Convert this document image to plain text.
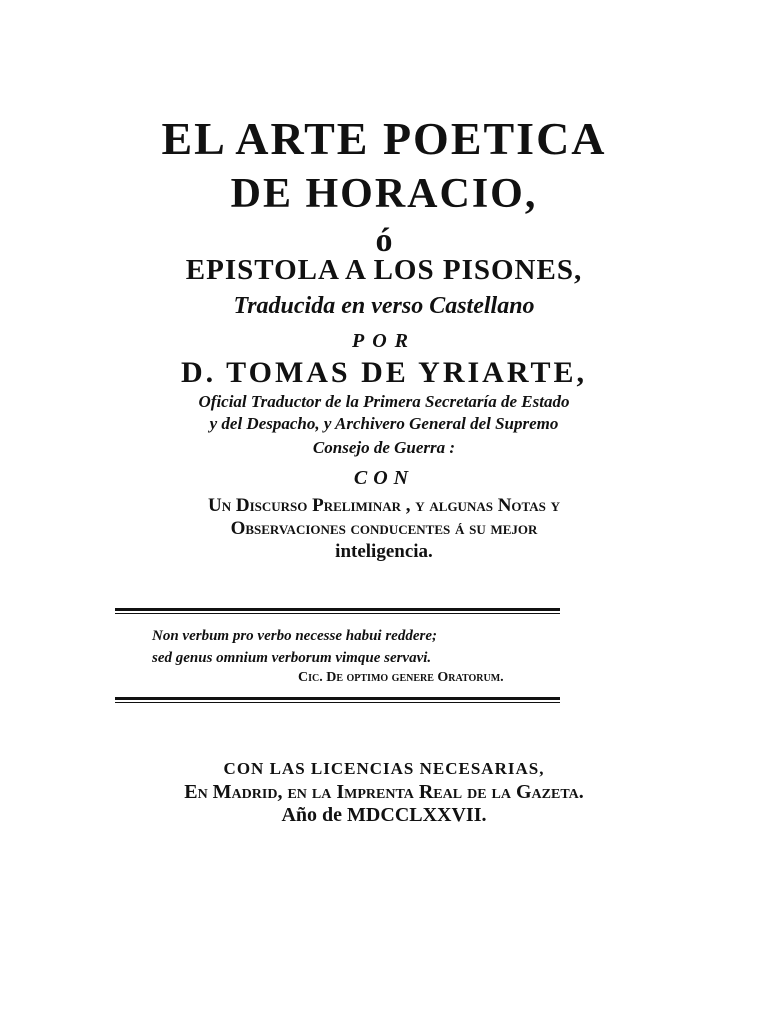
EL ARTE POETICA
DE HORACIO,
ó
EPISTOLA A LOS PISONES,
Traducida en verso Castellano
POR
D. TOMAS DE YRIARTE,
Oficial Traductor de la Primera Secretaría de Estado
y del Despacho, y Archivero General del Supremo
Consejo de Guerra :
CON
Un Discurso Preliminar , y algunas Notas y
Observaciones conducentes á su mejor
inteligencia.
Non verbum pro verbo necesse habui reddere;
sed genus omnium verborum vimque servavi.
Cic. De optimo genere Oratorum.
CON LAS LICENCIAS NECESARIAS,
En Madrid, en la Imprenta Real de la Gazeta.
Año de MDCCLXXVII.
